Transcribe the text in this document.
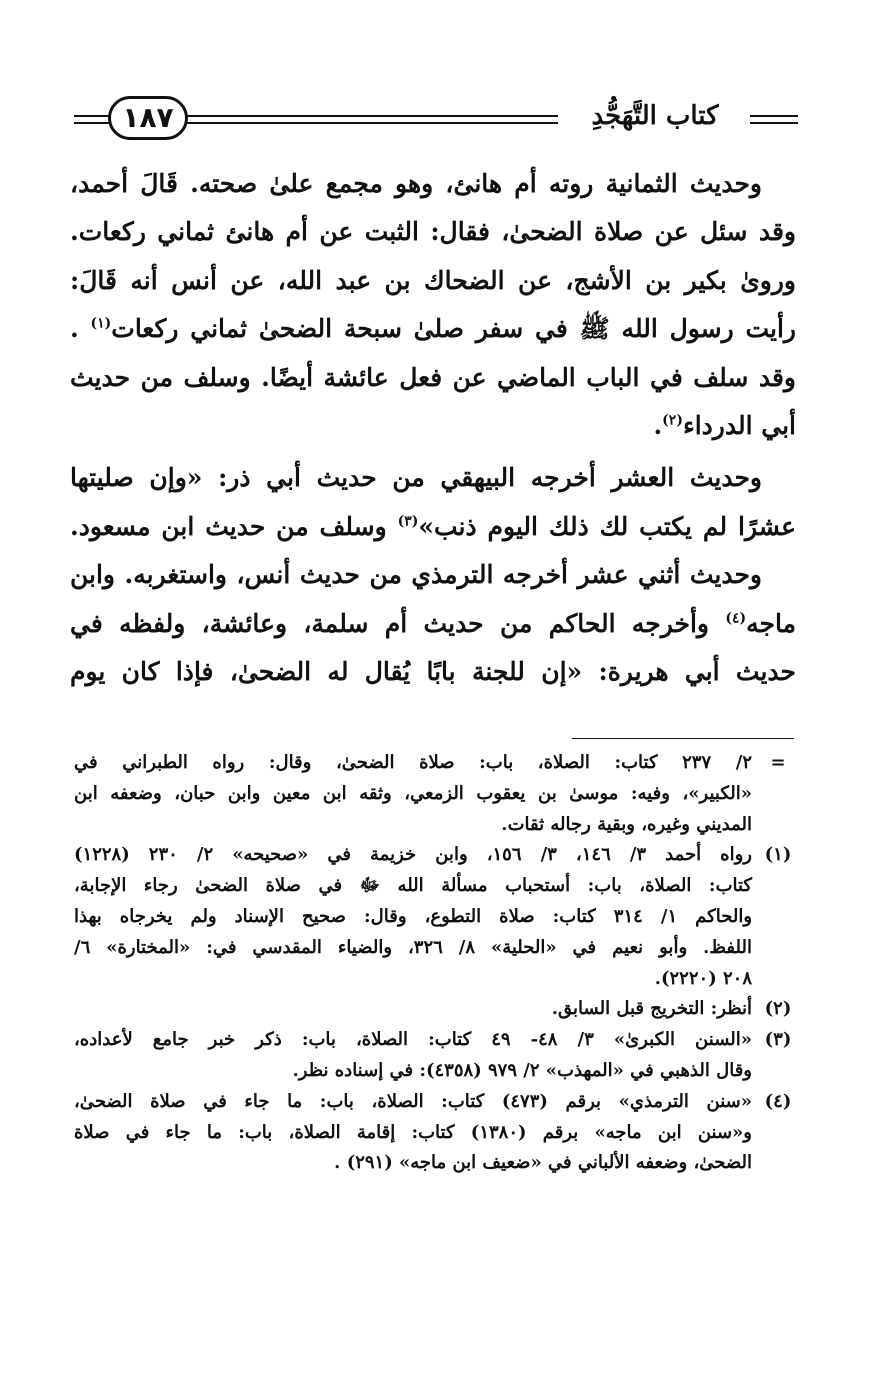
١٨٧	كتاب التَّهَجُّدِ

وحديث الثمانية روته أم هانئ، وهو مجمع علىٰ صحته. قَالَ أحمد،
وقد سئل عن صلاة الضحىٰ، فقال: الثبت عن أم هانئ ثماني ركعات.
ورویٰ بكير بن الأشج، عن الضحاك بن عبد الله، عن أنس أنه قَالَ:
رأيت رسول الله ﷺ في سفر صلىٰ سبحة الضحىٰ ثماني ركعات$^{(١)}$ .
وقد سلف في الباب الماضي عن فعل عائشة أيضًا. وسلف من حديث
أبي الدرداء$^{(٢)}$.

وحديث العشر أخرجه البيهقي من حديث أبي ذر: «وإن صليتها
عشرًا لم يكتب لك ذلك اليوم ذنب»$^{(٣)}$ وسلف من حديث ابن مسعود.
وحديث أثني عشر أخرجه الترمذي من حديث أنس، واستغربه. وابن
ماجه$^{(٤)}$ وأخرجه الحاكم من حديث أم سلمة، وعائشة، ولفظه في
حديث أبي هريرة: «إن للجنة بابًا يُقال له الضحىٰ، فإذا كان يوم

=
٢/ ٢٣٧ كتاب: الصلاة، باب: صلاة الضحىٰ، وقال: رواه الطبراني في
«الكبير»، وفيه: موسىٰ بن يعقوب الزمعي، وثقه ابن معين وابن حبان، وضعفه ابن
المديني وغيره، وبقية رجاله ثقات.
(١)
رواه أحمد ٣/ ١٤٦، ٣/ ١٥٦، وابن خزيمة في «صحيحه» ٢/ ٢٣٠ (١٢٢٨)
كتاب: الصلاة، باب: أستحباب مسألة الله ﷻ في صلاة الضحىٰ رجاء الإجابة،
والحاكم ١/ ٣١٤ كتاب: صلاة التطوع، وقال: صحيح الإسناد ولم يخرجاه بهذا
اللفظ. وأبو نعيم في «الحلية» ٨/ ٣٢٦، والضياء المقدسي في: «المختارة» ٦/
٢٠٨ (٢٢٢٠).
(٢)
أنظر: التخريج قبل السابق.
(٣)
«السنن الكبرىٰ» ٣/ ٤٨- ٤٩ كتاب: الصلاة، باب: ذكر خبر جامع لأعداده،
وقال الذهبي في «المهذب» ٢/ ٩٧٩ (٤٣٥٨): في إسناده نظر.
(٤)
«سنن الترمذي» برقم (٤٧٣) كتاب: الصلاة، باب: ما جاء في صلاة الضحىٰ،
و«سنن ابن ماجه» برقم (١٣٨٠) كتاب: إقامة الصلاة، باب: ما جاء في صلاة
الضحىٰ، وضعفه الألباني في «ضعيف ابن ماجه» (٢٩١) .
